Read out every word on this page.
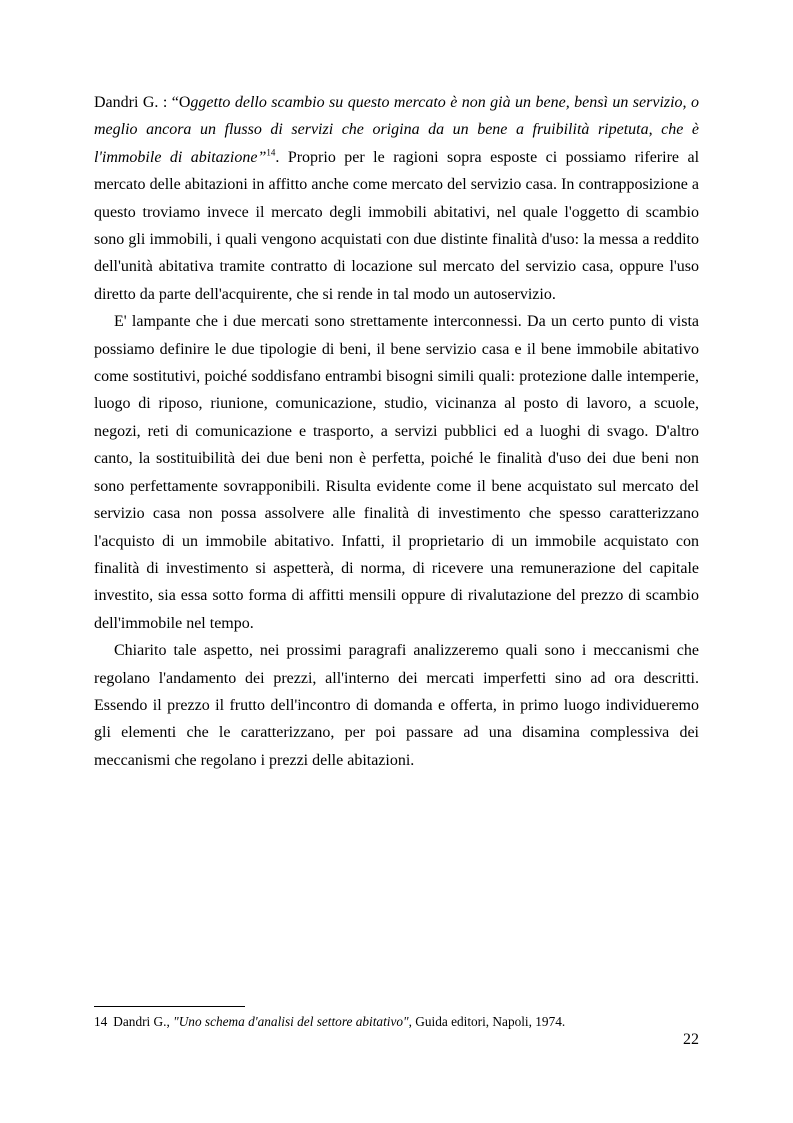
Dandri G. : “Oggetto dello scambio su questo mercato è non già un bene, bensì un servizio, o meglio ancora un flusso di servizi che origina da un bene a fruibilità ripetuta, che è l'immobile di abitazione”$^{14}$. Proprio per le ragioni sopra esposte ci possiamo riferire al mercato delle abitazioni in affitto anche come mercato del servizio casa. In contrapposizione a questo troviamo invece il mercato degli immobili abitativi, nel quale l'oggetto di scambio sono gli immobili, i quali vengono acquistati con due distinte finalità d'uso: la messa a reddito dell'unità abitativa tramite contratto di locazione sul mercato del servizio casa, oppure l'uso diretto da parte dell'acquirente, che si rende in tal modo un autoservizio.

E' lampante che i due mercati sono strettamente interconnessi. Da un certo punto di vista possiamo definire le due tipologie di beni, il bene servizio casa e il bene immobile abitativo come sostitutivi, poiché soddisfano entrambi bisogni simili quali: protezione dalle intemperie, luogo di riposo, riunione, comunicazione, studio, vicinanza al posto di lavoro, a scuole, negozi, reti di comunicazione e trasporto, a servizi pubblici ed a luoghi di svago. D'altro canto, la sostituibilità dei due beni non è perfetta, poiché le finalità d'uso dei due beni non sono perfettamente sovrapponibili. Risulta evidente come il bene acquistato sul mercato del servizio casa non possa assolvere alle finalità di investimento che spesso caratterizzano l'acquisto di un immobile abitativo. Infatti, il proprietario di un immobile acquistato con finalità di investimento si aspetterà, di norma, di ricevere una remunerazione del capitale investito, sia essa sotto forma di affitti mensili oppure di rivalutazione del prezzo di scambio dell'immobile nel tempo.

Chiarito tale aspetto, nei prossimi paragrafi analizzeremo quali sono i meccanismi che regolano l'andamento dei prezzi, all'interno dei mercati imperfetti sino ad ora descritti. Essendo il prezzo il frutto dell'incontro di domanda e offerta, in primo luogo individueremo gli elementi che le caratterizzano, per poi passare ad una disamina complessiva dei meccanismi che regolano i prezzi delle abitazioni.

14 Dandri G., "Uno schema d'analisi del settore abitativo", Guida editori, Napoli, 1974.
22
